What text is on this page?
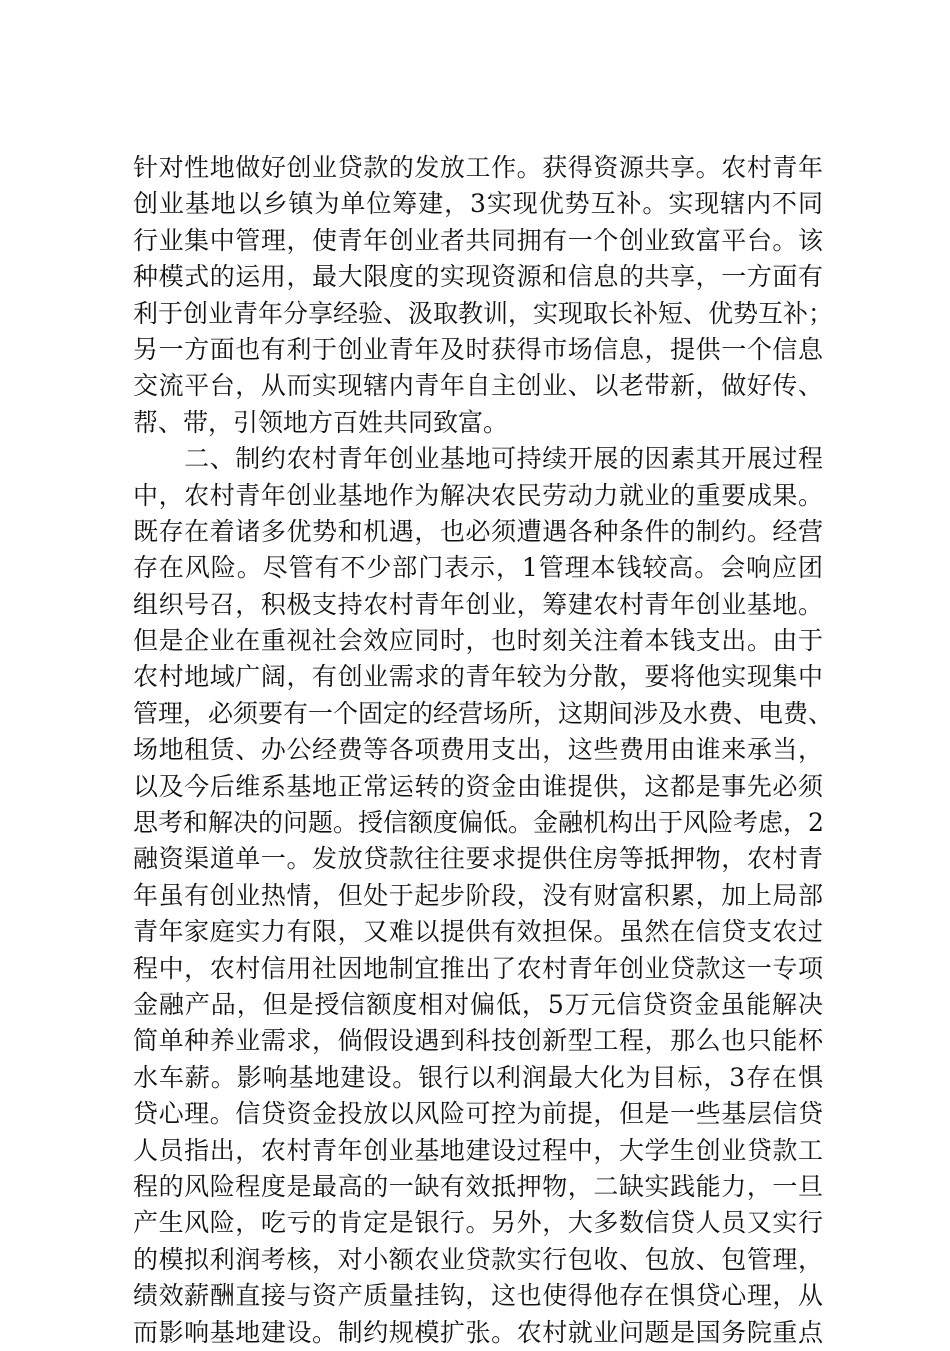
针对性地做好创业贷款的发放工作。获得资源共享。农村青年
创业基地以乡镇为单位筹建，3实现优势互补。实现辖内不同
行业集中管理，使青年创业者共同拥有一个创业致富平台。该
种模式的运用，最大限度的实现资源和信息的共享，一方面有
利于创业青年分享经验、汲取教训，实现取长补短、优势互补；
另一方面也有利于创业青年及时获得市场信息，提供一个信息
交流平台，从而实现辖内青年自主创业、以老带新，做好传、
帮、带，引领地方百姓共同致富。
　　二、制约农村青年创业基地可持续开展的因素其开展过程
中，农村青年创业基地作为解决农民劳动力就业的重要成果。
既存在着诸多优势和机遇，也必须遭遇各种条件的制约。经营
存在风险。尽管有不少部门表示，1管理本钱较高。会响应团
组织号召，积极支持农村青年创业，筹建农村青年创业基地。
但是企业在重视社会效应同时，也时刻关注着本钱支出。由于
农村地域广阔，有创业需求的青年较为分散，要将他实现集中
管理，必须要有一个固定的经营场所，这期间涉及水费、电费、
场地租赁、办公经费等各项费用支出，这些费用由谁来承当，
以及今后维系基地正常运转的资金由谁提供，这都是事先必须
思考和解决的问题。授信额度偏低。金融机构出于风险考虑，2
融资渠道单一。发放贷款往往要求提供住房等抵押物，农村青
年虽有创业热情，但处于起步阶段，没有财富积累，加上局部
青年家庭实力有限，又难以提供有效担保。虽然在信贷支农过
程中，农村信用社因地制宜推出了农村青年创业贷款这一专项
金融产品，但是授信额度相对偏低，5万元信贷资金虽能解决
简单种养业需求，倘假设遇到科技创新型工程，那么也只能杯
水车薪。影响基地建设。银行以利润最大化为目标，3存在惧
贷心理。信贷资金投放以风险可控为前提，但是一些基层信贷
人员指出，农村青年创业基地建设过程中，大学生创业贷款工
程的风险程度是最高的一缺有效抵押物，二缺实践能力，一旦
产生风险，吃亏的肯定是银行。另外，大多数信贷人员又实行
的模拟利润考核，对小额农业贷款实行包收、包放、包管理，
绩效薪酬直接与资产质量挂钩，这也使得他存在惧贷心理，从
而影响基地建设。制约规模扩张。农村就业问题是国务院重点
